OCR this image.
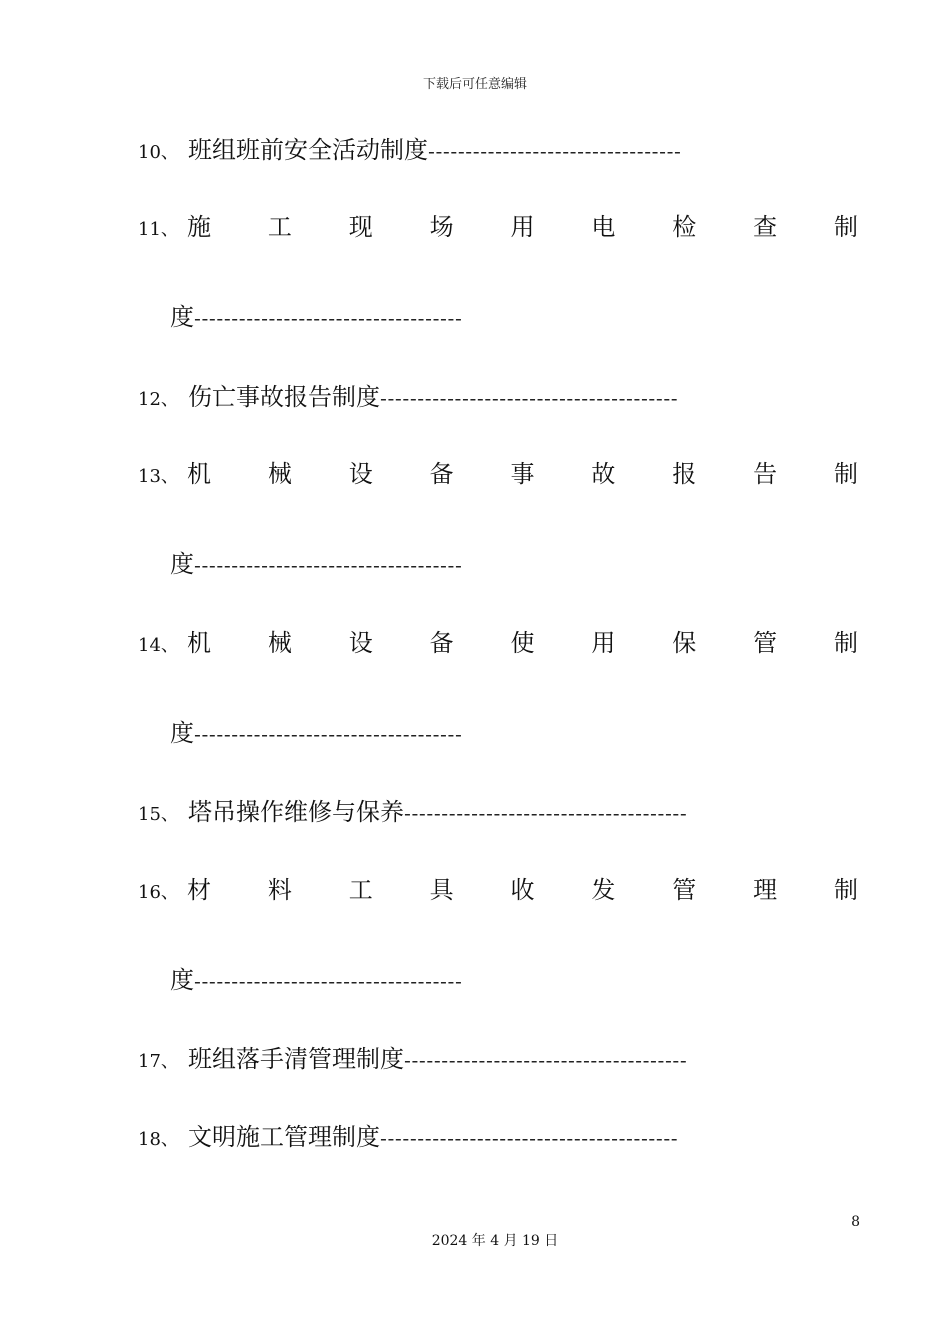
下载后可任意编辑
10、 班组班前安全活动制度----------------------------------
11、 施 工 现 场 用 电 检 查 制
度------------------------------------
12、 伤亡事故报告制度----------------------------------------
13、 机 械 设 备 事 故 报 告 制
度------------------------------------
14、 机 械 设 备 使 用 保 管 制
度------------------------------------
15、 塔吊操作维修与保养--------------------------------------
16、 材 料 工 具 收 发 管 理 制
度------------------------------------
17、 班组落手清管理制度--------------------------------------
18、 文明施工管理制度----------------------------------------
8
2024 年 4 月 19 日
